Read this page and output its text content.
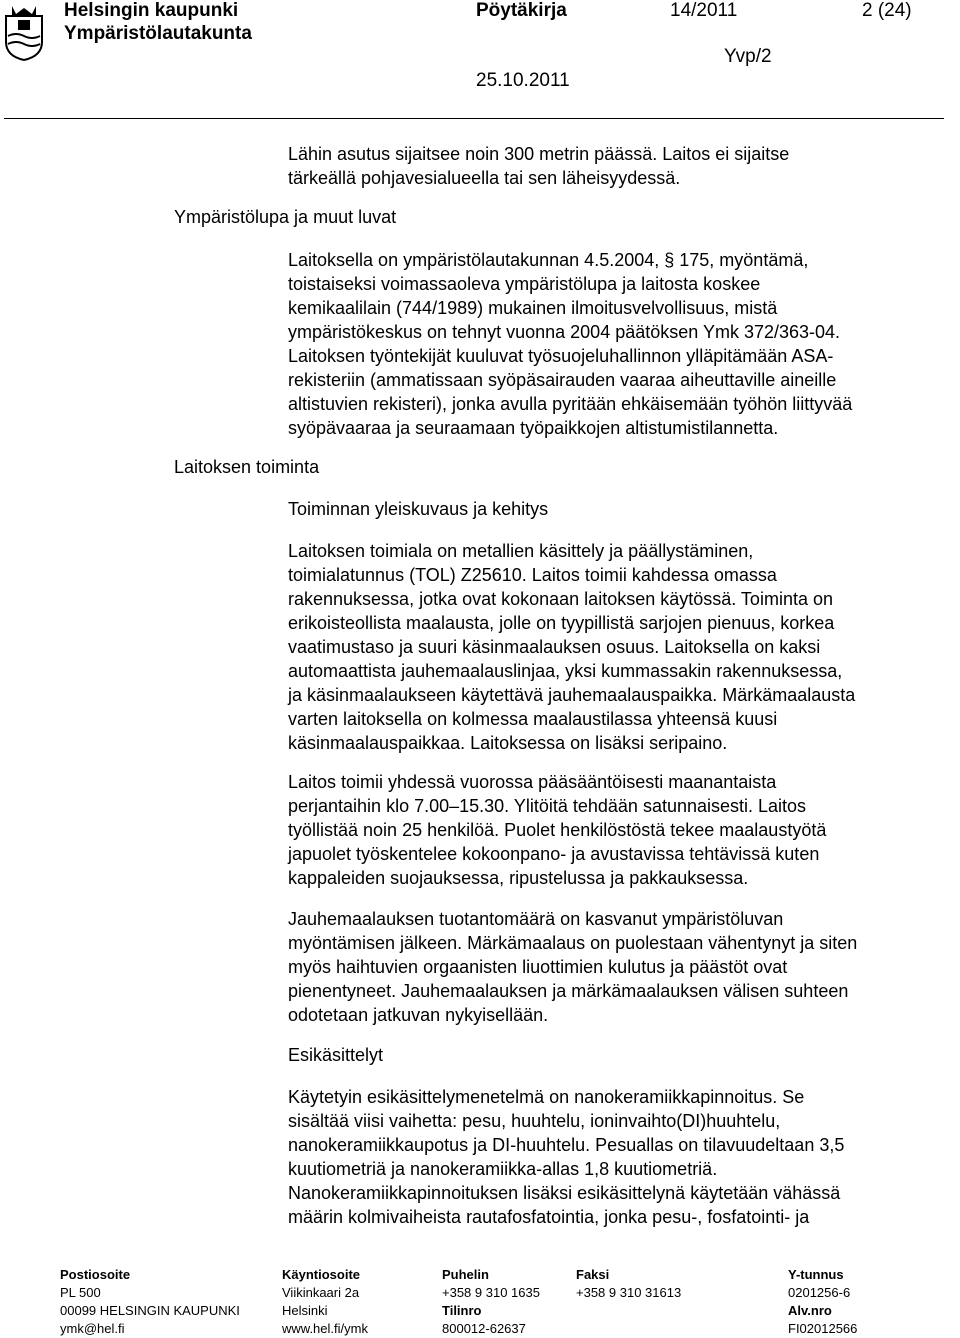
Helsingin kaupunki
Ympäristölautakunta
Pöytäkirja	14/2011	2 (24)
Yvp/2
25.10.2011
Ympäristölupa ja muut luvat
Laitoksen toiminta
Lähin asutus sijaitsee noin 300 metrin päässä. Laitos ei sijaitse
tärkeällä pohjavesialueella tai sen läheisyydessä.
Laitoksella on ympäristölautakunnan 4.5.2004, § 175, myöntämä,
toistaiseksi voimassaoleva ympäristölupa ja laitosta koskee
kemikaalilain (744/1989) mukainen ilmoitusvelvollisuus, mistä
ympäristökeskus on tehnyt vuonna 2004 päätöksen Ymk 372/363-04.
Laitoksen työntekijät kuuluvat työsuojeluhallinnon ylläpitämään ASA-
rekisteriin (ammatissaan syöpäsairauden vaaraa aiheuttaville aineille
altistuvien rekisteri), jonka avulla pyritään ehkäisemään työhön liittyvää
syöpävaaraa ja seuraamaan työpaikkojen altistumistilannetta.
Toiminnan yleiskuvaus ja kehitys
Laitoksen toimiala on metallien käsittely ja päällystäminen,
toimialatunnus (TOL) Z25610. Laitos toimii kahdessa omassa
rakennuksessa, jotka ovat kokonaan laitoksen käytössä. Toiminta on
erikoisteollista maalausta, jolle on tyypillistä sarjojen pienuus, korkea
vaatimustaso ja suuri käsinmaalauksen osuus. Laitoksella on kaksi
automaattista jauhemaalauslinjaa, yksi kummassakin rakennuksessa,
ja käsinmaalaukseen käytettävä jauhemaalauspaikka. Märkämaalausta
varten laitoksella on kolmessa maalaustilassa yhteensä kuusi
käsinmaalauspaikkaa. Laitoksessa on lisäksi seripaino.
Laitos toimii yhdessä vuorossa pääsääntöisesti maanantaista
perjantaihin klo 7.00–15.30. Ylitöitä tehdään satunnaisesti. Laitos
työllistää noin 25 henkilöä. Puolet henkilöstöstä tekee maalaustyötä
japuolet työskentelee kokoonpano- ja avustavissa tehtävissä kuten
kappaleiden suojauksessa, ripustelussa ja pakkauksessa.
Jauhemaalauksen tuotantomäärä on kasvanut ympäristöluvan
myöntämisen jälkeen. Märkämaalaus on puolestaan vähentynyt ja siten
myös haihtuvien orgaanisten liuottimien kulutus ja päästöt ovat
pienentyneet. Jauhemaalauksen ja märkämaalauksen välisen suhteen
odotetaan jatkuvan nykyisellään.
Esikäsittelyt
Käytetyin esikäsittelymenetelmä on nanokeramiikkapinnoitus. Se
sisältää viisi vaihetta: pesu, huuhtelu, ioninvaihto(DI)huuhtelu,
nanokeramiikkaupotus ja DI-huuhtelu. Pesuallas on tilavuudeltaan 3,5
kuutiometriä ja nanokeramiikka-allas 1,8 kuutiometriä.
Nanokeramiikkapinnoituksen lisäksi esikäsittelynä käytetään vähässä
määrin kolmivaiheista rautafosfatointia, jonka pesu-, fosfatointi- ja
Postiosoite
PL 500
00099 HELSINGIN KAUPUNKI
ymk@hel.fi
Käyntiosoite
Viikinkaari 2a
Helsinki
www.hel.fi/ymk
Puhelin
+358 9 310 1635
Tilinro
800012-62637
Faksi
+358 9 310 31613
Y-tunnus
0201256-6
Alv.nro
FI02012566
